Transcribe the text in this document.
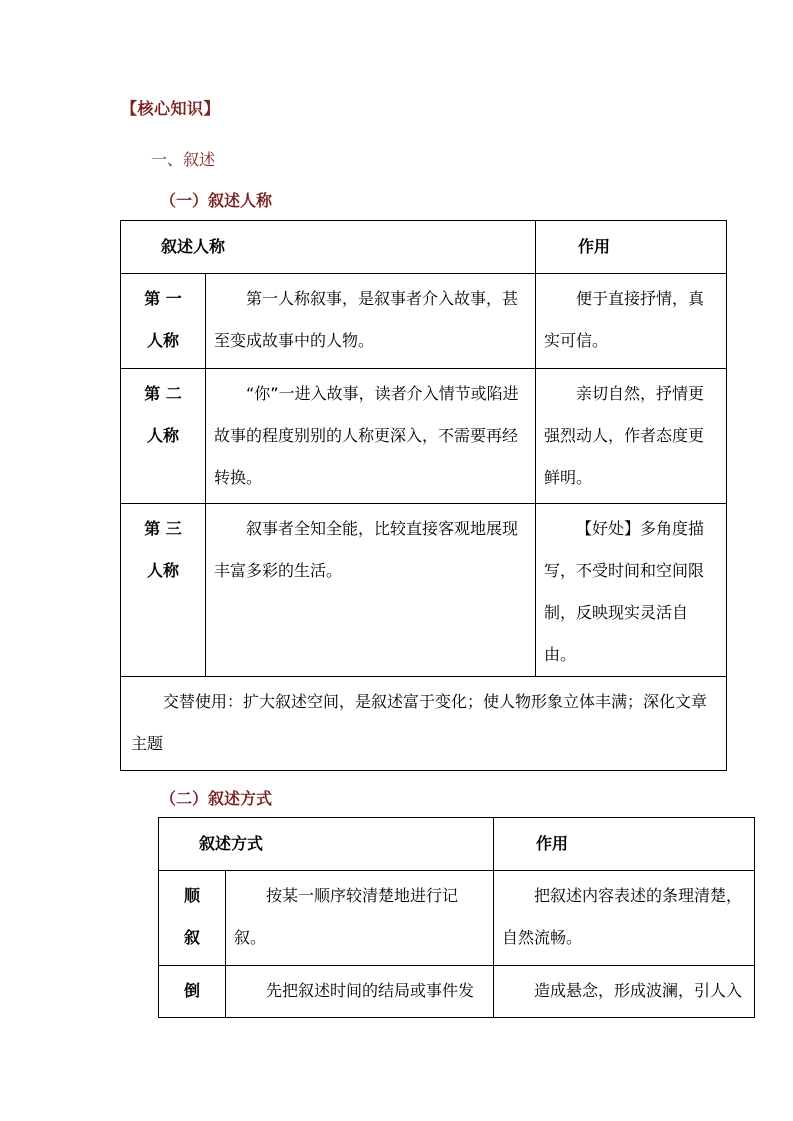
【核心知识】
一、叙述
（一）叙述人称
叙述人称		作用

第 一
人称	第一人称叙事，是叙事者介入故事，甚至变成故事中的人物。	便于直接抒情，真实可信。

第 二
人称	“你”一进入故事，读者介入情节或陷进故事的程度别别的人称更深入，不需要再经转换。	亲切自然，抒情更强烈动人，作者态度更鲜明。

第 三
人称	叙事者全知全能，比较直接客观地展现丰富多彩的生活。	【好处】多角度描写，不受时间和空间限制，反映现实灵活自由。
交替使用：扩大叙述空间，是叙述富于变化；使人物形象立体丰满；深化文章主题		
（二）叙述方式
叙述方式		作用

顺
叙	按某一顺序较清楚地进行记叙。	把叙述内容表述的条理清楚，自然流畅。

倒	先把叙述时间的结局或事件发	造成悬念，形成波澜，引人入
